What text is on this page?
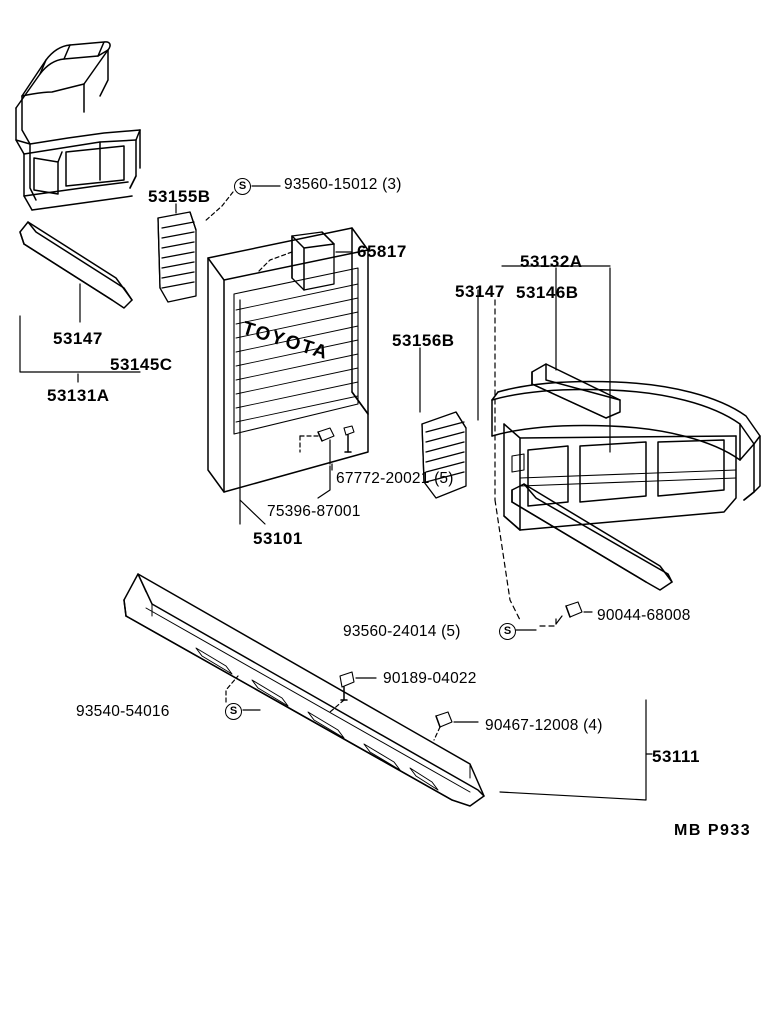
TOYOTA
S
S
S
53155B
93560-15012 (3)
65817
53132A
53147 53146B
53147
53145C
53131A
53156B
67772-20021 (5)
75396-87001
53101
93560-24014 (5)
90044-68008
90189-04022
93540-54016
90467-12008 (4)
53111
MB P933
